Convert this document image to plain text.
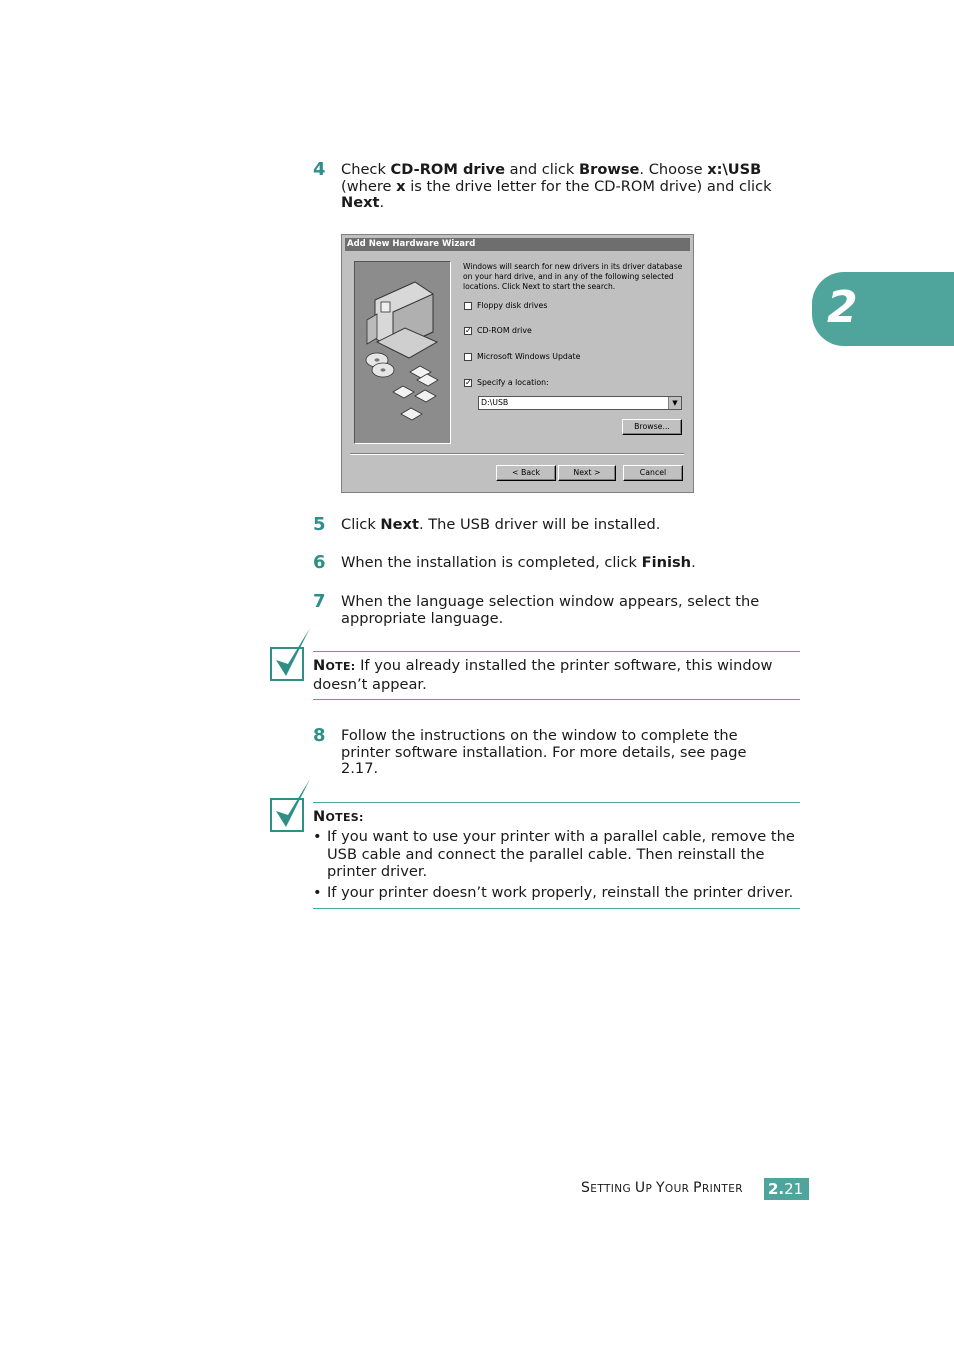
2
4 Check CD-ROM drive and click Browse. Choose x:\USB (where x is the drive letter for the CD-ROM drive) and click Next.
Add New Hardware Wizard
Windows will search for new drivers in its driver database on your hard drive, and in any of the following selected locations. Click Next to start the search.
Floppy disk drives
✓ CD-ROM drive
Microsoft Windows Update
✓ Specify a location:
D:\USB	▼
Browse...
< Back	Next >	Cancel
5 Click Next. The USB driver will be installed.
6 When the installation is completed, click Finish.
7 When the language selection window appears, select the appropriate language.
NOTE: If you already installed the printer software, this window doesn’t appear.
8 Follow the instructions on the window to complete the printer software installation. For more details, see page 2.17.
NOTES:
• If you want to use your printer with a parallel cable, remove the USB cable and connect the parallel cable. Then reinstall the printer driver.
• If your printer doesn’t work properly, reinstall the printer driver.
SETTING UP YOUR PRINTER 2.21
